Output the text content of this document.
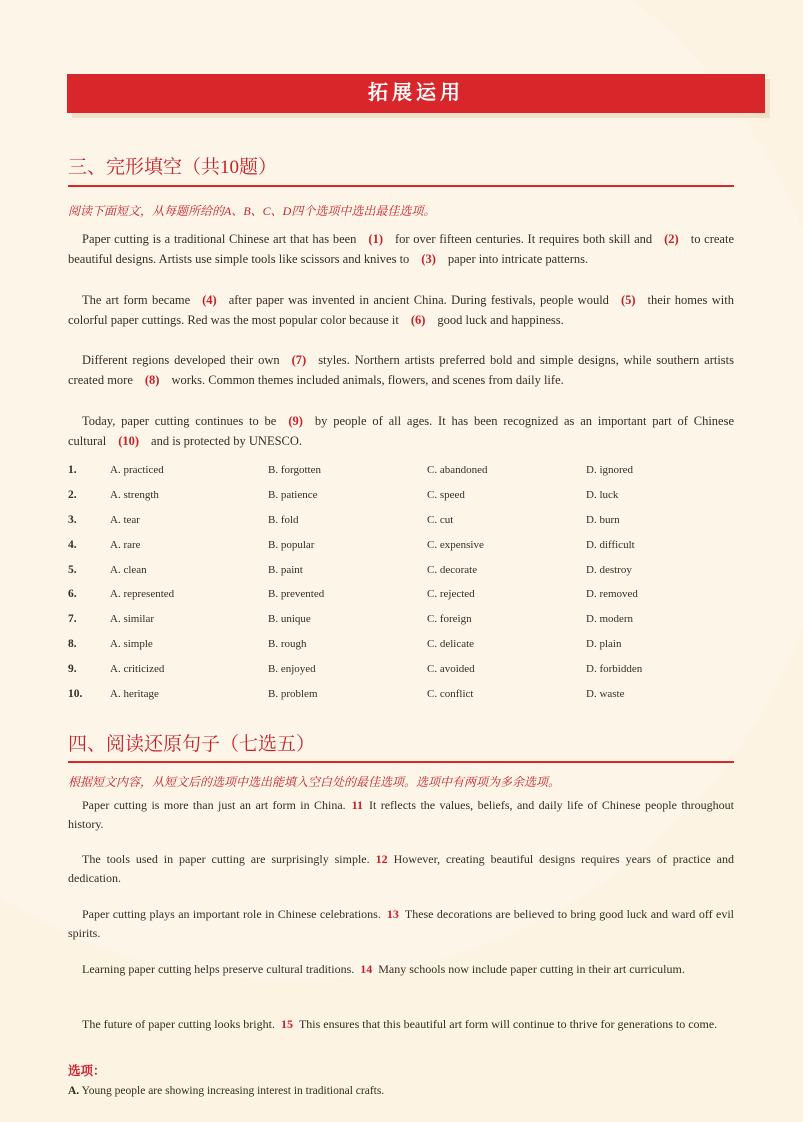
拓展运用
三、完形填空（共10题）
阅读下面短文，从每题所给的A、B、C、D四个选项中选出最佳选项。
Paper cutting is a traditional Chinese art that has been (1) for over fifteen centuries. It requires both skill and (2) to create beautiful designs. Artists use simple tools like scissors and knives to (3) paper into intricate patterns.
The art form became (4) after paper was invented in ancient China. During festivals, people would (5) their homes with colorful paper cuttings. Red was the most popular color because it (6) good luck and happiness.
Different regions developed their own (7) styles. Northern artists preferred bold and simple designs, while southern artists created more (8) works. Common themes included animals, flowers, and scenes from daily life.
Today, paper cutting continues to be (9) by people of all ages. It has been recognized as an important part of Chinese cultural (10) and is protected by UNESCO.
1.	A. practiced	B. forgotten	C. abandoned	D. ignored
2.	A. strength	B. patience	C. speed	D. luck
3.	A. tear	B. fold	C. cut	D. burn
4.	A. rare	B. popular	C. expensive	D. difficult
5.	A. clean	B. paint	C. decorate	D. destroy
6.	A. represented	B. prevented	C. rejected	D. removed
7.	A. similar	B. unique	C. foreign	D. modern
8.	A. simple	B. rough	C. delicate	D. plain
9.	A. criticized	B. enjoyed	C. avoided	D. forbidden
10.	A. heritage	B. problem	C. conflict	D. waste
四、阅读还原句子（七选五）
根据短文内容，从短文后的选项中选出能填入空白处的最佳选项。选项中有两项为多余选项。
Paper cutting is more than just an art form in China. 11 It reflects the values, beliefs, and daily life of Chinese people throughout history.
The tools used in paper cutting are surprisingly simple. 12 However, creating beautiful designs requires years of practice and dedication.
Paper cutting plays an important role in Chinese celebrations. 13 These decorations are believed to bring good luck and ward off evil spirits.
Learning paper cutting helps preserve cultural traditions. 14 Many schools now include paper cutting in their art curriculum.
The future of paper cutting looks bright. 15 This ensures that this beautiful art form will continue to thrive for generations to come.
选项：
A. Young people are showing increasing interest in traditional crafts.
